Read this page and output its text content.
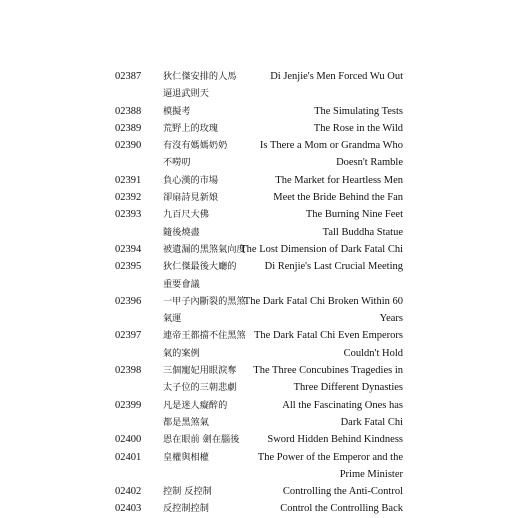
02387	狄仁傑安排的人馬	Di Jenjie's Men Forced Wu Out
逼退武則天
02388	模擬考	The Simulating Tests
02389	荒野上的玫瑰	The Rose in the Wild
02390	有沒有媽媽奶奶	Is There a Mom or Grandma Who
不嘮叨	Doesn't Ramble
02391	負心漢的市場	The Market for Heartless Men
02392	卻扇詩見新娘	Meet the Bride Behind the Fan
02393	九百尺大佛	The Burning Nine Feet
隨後燒盡	Tall Buddha Statue
02394	被遺漏的黑煞氣向度
The Lost Dimension of Dark Fatal Chi
02395	狄仁傑最後大廳的	Di Renjie's Last Crucial Meeting
重要會議
02396	一甲子內斷裂的黑煞
The Dark Fatal Chi Broken Within 60
氣運	Years
02397	連帝王都擋不住黑煞 The Dark Fatal Chi Even Emperors
氣的案例	Couldn't Hold
02398	三個寵妃用眼淚奪	The Three Concubines Tragedies in
太子位的三朝悲劇	Three Different Dynasties
02399	凡是迷人癡醉的	All the Fascinating Ones has
都是黑煞氣	Dark Fatal Chi
02400	恩在眼前 劍在腦後	Sword Hidden Behind Kindness
02401	皇權與相權	The Power of the Emperor and the
Prime Minister
02402	控制 反控制	Controlling the Anti-Control
02403	反控制控制	Control the Controlling Back
